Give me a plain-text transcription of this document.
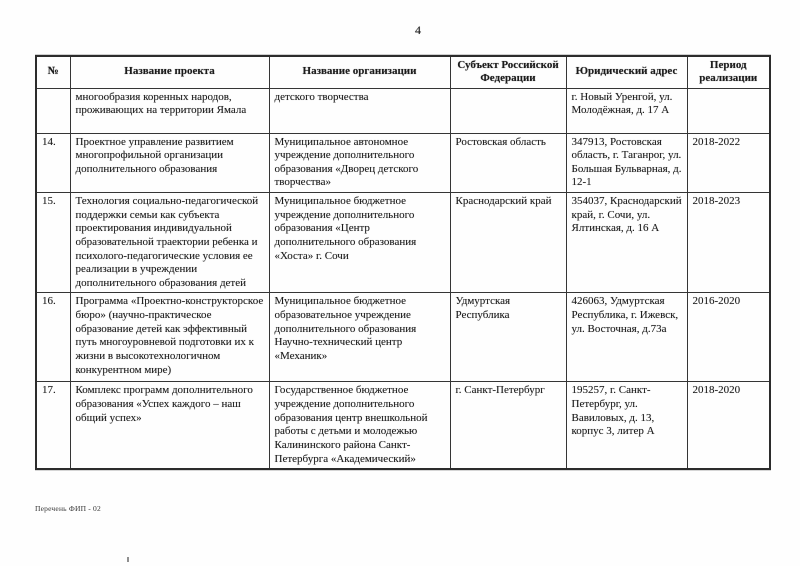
4
№	Название проекта	Название организации	Субъект Российской Федерации	Юридический адрес	Период реализации
	многообразия коренных народов, проживающих на территории Ямала	детского творчества		г. Новый Уренгой, ул. Молодёжная, д. 17 А	
14.	Проектное управление развитием многопрофильной организации дополнительного образования	Муниципальное автономное учреждение дополнительного образования «Дворец детского творчества»	Ростовская область	347913, Ростовская область, г. Таганрог, ул. Большая Бульварная, д. 12-1	2018-2022
15.	Технология социально-педагогической поддержки семьи как субъекта проектирования индивидуальной образовательной траектории ребенка и психолого-педагогические условия ее реализации в учреждении дополнительного образования детей	Муниципальное бюджетное учреждение дополнительного образования «Центр дополнительного образования «Хоста» г. Сочи	Краснодарский край	354037, Краснодарский край, г. Сочи, ул. Ялтинская, д. 16 А	2018-2023
16.	Программа «Проектно-конструкторское бюро» (научно-практическое образование детей как эффективный путь многоуровневой подготовки их к жизни в высокотехнологичном конкурентном мире)	Муниципальное бюджетное образовательное учреждение дополнительного образования Научно-технический центр «Механик»	Удмуртская Республика	426063, Удмуртская Республика, г. Ижевск, ул. Восточная, д.73а	2016-2020
17.	Комплекс программ дополнительного образования «Успех каждого – наш общий успех»	Государственное бюджетное учреждение дополнительного образования центр внешкольной работы с детьми и молодежью Калининского района Санкт-Петербурга «Академический»	г. Санкт-Петербург	195257, г. Санкт-Петербург, ул. Вавиловых, д. 13, корпус 3, литер А	2018-2020
Перечень ФИП - 02
